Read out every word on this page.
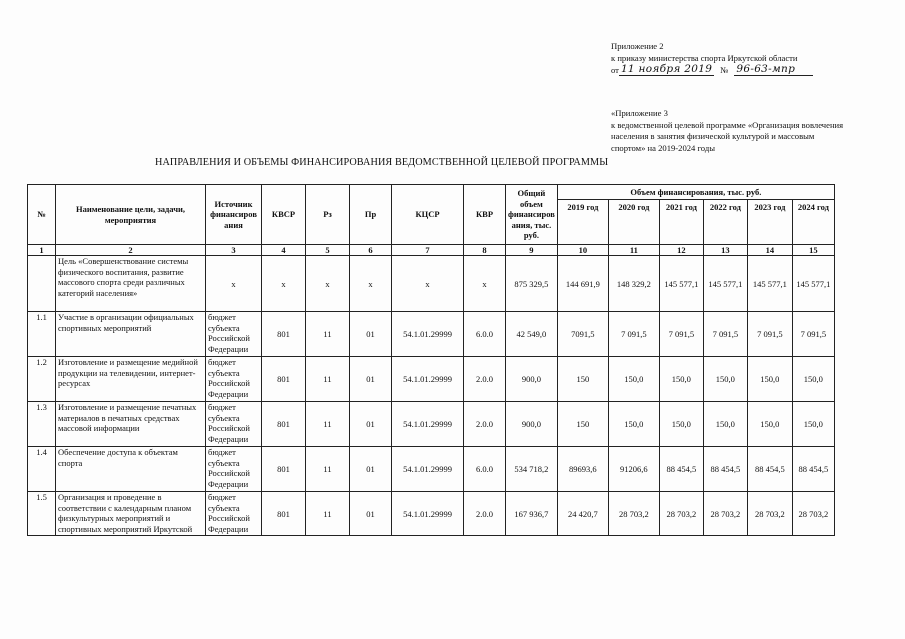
Приложение 2
к приказу министерства спорта Иркутской области
от 11 ноября 2019 № 96-63-мпр
«Приложение 3
к ведомственной целевой программе «Организация вовлечения
населения в занятия физической культурой и массовым
спортом» на 2019-2024 годы
НАПРАВЛЕНИЯ И ОБЪЕМЫ ФИНАНСИРОВАНИЯ ВЕДОМСТВЕННОЙ ЦЕЛЕВОЙ ПРОГРАММЫ
№	Наименование цели, задачи, мероприятия	Источник финансиров ания	КВСР	Рз	Пр	КЦСР	КВР	Общий объем финансиров ания, тыс. руб.	Объем финансирования, тыс. руб.					
									2019 год	2020 год	2021 год	2022 год	2023 год	2024 год
1	2	3	4	5	6	7	8	9	10	11	12	13	14	15
	Цель «Совершенствование системы физического воспитания, развитие массового спорта среди различных категорий населения»	х	х	х	х	х	х	875 329,5	144 691,9	148 329,2	145 577,1	145 577,1	145 577,1	145 577,1
1.1	Участие в организации официальных спортивных мероприятий	бюджет субъекта Российской Федерации	801	11	01	54.1.01.29999	6.0.0	42 549,0	7091,5	7 091,5	7 091,5	7 091,5	7 091,5	7 091,5
1.2	Изготовление и размещение медийной продукции на телевидении, интернет-ресурсах	бюджет субъекта Российской Федерации	801	11	01	54.1.01.29999	2.0.0	900,0	150	150,0	150,0	150,0	150,0	150,0
1.3	Изготовление и размещение печатных материалов в печатных средствах массовой информации	бюджет субъекта Российской Федерации	801	11	01	54.1.01.29999	2.0.0	900,0	150	150,0	150,0	150,0	150,0	150,0
1.4	Обеспечение доступа к объектам спорта	бюджет субъекта Российской Федерации	801	11	01	54.1.01.29999	6.0.0	534 718,2	89693,6	91206,6	88 454,5	88 454,5	88 454,5	88 454,5
1.5	Организация и проведение в соответствии с календарным планом физкультурных мероприятий и спортивных мероприятий Иркутской	бюджет субъекта Российской Федерации	801	11	01	54.1.01.29999	2.0.0	167 936,7	24 420,7	28 703,2	28 703,2	28 703,2	28 703,2	28 703,2
